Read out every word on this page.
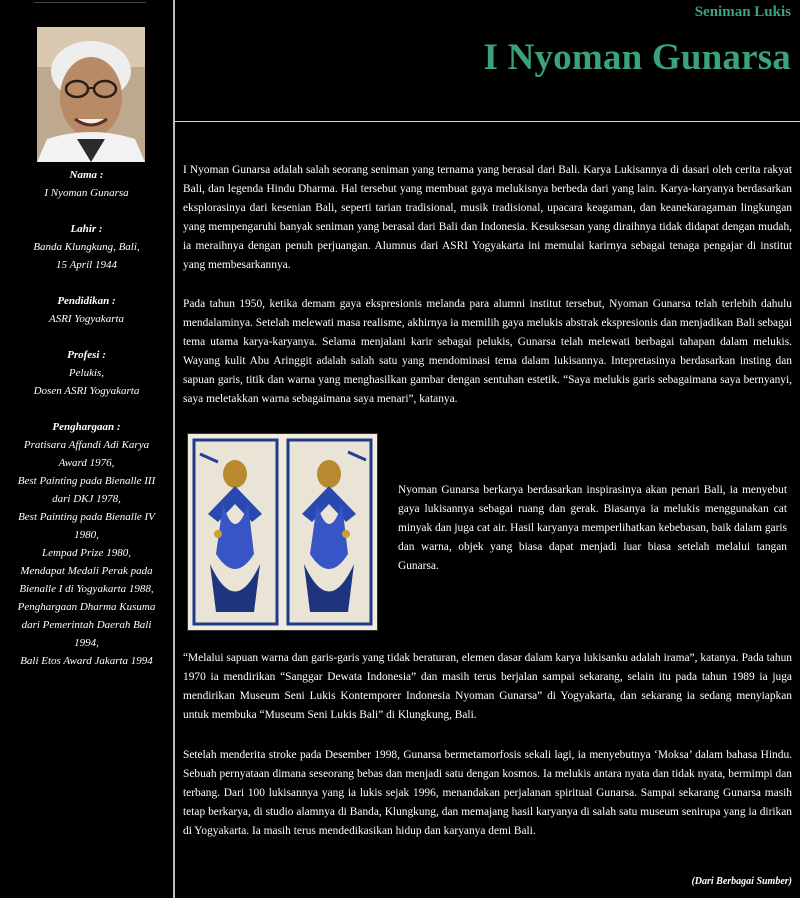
Nama :
I Nyoman Gunarsa
Lahir :
Banda Klungkung, Bali,
15 April 1944
Pendidikan :
ASRI Yogyakarta
Profesi :
Pelukis,
Dosen ASRI Yogyakarta
Penghargaan :
Pratisara Affandi Adi Karya
Award 1976,
Best Painting pada Bienalle III
dari DKJ 1978,
Best Painting pada Bienalle IV
1980,
Lempad Prize 1980,
Mendapat Medali Perak pada
Bienalle I di Yogyakarta 1988,
Penghargaan Dharma Kusuma
dari Pemerintah Daerah Bali
1994,
Bali Etos Award Jakarta 1994
Seniman Lukis
I Nyoman Gunarsa
I Nyoman Gunarsa adalah salah seorang seniman yang ternama yang berasal dari Bali. Karya Lukisannya di dasari oleh cerita rakyat Bali, dan legenda Hindu Dharma. Hal tersebut yang membuat gaya melukisnya berbeda dari yang lain. Karya-karyanya berdasarkan eksplorasinya dari kesenian Bali, seperti tarian tradisional, musik tradisional, upacara keagaman, dan keanekaragaman lingkungan yang mempengaruhi banyak seniman yang berasal dari Bali dan Indonesia. Kesuksesan yang diraihnya tidak didapat dengan mudah, ia meraihnya dengan penuh perjuangan. Alumnus dari ASRI Yogyakarta ini memulai karirnya sebagai tenaga pengajar di institut yang membesarkannya.
Pada tahun 1950, ketika demam gaya ekspresionis melanda para alumni institut tersebut, Nyoman Gunarsa telah terlebih dahulu mendalaminya. Setelah melewati masa realisme, akhirnya ia memilih gaya melukis abstrak ekspresionis dan menjadikan Bali sebagai tema utama karya-karyanya. Selama menjalani karir sebagai pelukis, Gunarsa telah melewati berbagai tahapan dalam melukis. Wayang kulit Abu Aringgit adalah salah satu yang mendominasi tema dalam lukisannya. Intepretasinya berdasarkan insting dan sapuan garis, titik dan warna yang menghasilkan gambar dengan sentuhan estetik. “Saya melukis garis sebagaimana saya bernyanyi, saya meletakkan warna sebagaimana saya menari”, katanya.
Nyoman Gunarsa berkarya berdasarkan inspirasinya akan penari Bali, ia menyebut gaya lukisannya sebagai ruang dan gerak. Biasanya ia melukis menggunakan cat minyak dan juga cat air. Hasil karyanya memperlihatkan kebebasan, baik dalam garis dan warna, objek yang biasa dapat menjadi luar biasa setelah melalui tangan Gunarsa.
“Melalui sapuan warna dan garis-garis yang tidak beraturan, elemen dasar dalam karya lukisanku adalah irama”, katanya. Pada tahun 1970 ia mendirikan “Sanggar Dewata Indonesia” dan masih terus berjalan sampai sekarang, selain itu pada tahun 1989 ia juga mendirikan Museum Seni Lukis Kontemporer Indonesia Nyoman Gunarsa” di Yogyakarta, dan sekarang ia sedang menyiapkan untuk membuka “Museum Seni Lukis Bali” di Klungkung, Bali.
Setelah menderita stroke pada Desember 1998, Gunarsa bermetamorfosis sekali lagi, ia menyebutnya ‘Moksa’ dalam bahasa Hindu. Sebuah pernyataan dimana seseorang bebas dan menjadi satu dengan kosmos. Ia melukis antara nyata dan tidak nyata, bermimpi dan terbang. Dari 100 lukisannya yang ia lukis sejak 1996, menandakan perjalanan spiritual Gunarsa. Sampai sekarang Gunarsa masih tetap berkarya, di studio alamnya di Banda, Klungkung, dan memajang hasil karyanya di salah satu museum senirupa yang ia dirikan di Yogyakarta. Ia masih terus mendedikasikan hidup dan karyanya demi Bali.
(Dari Berbagai Sumber)
